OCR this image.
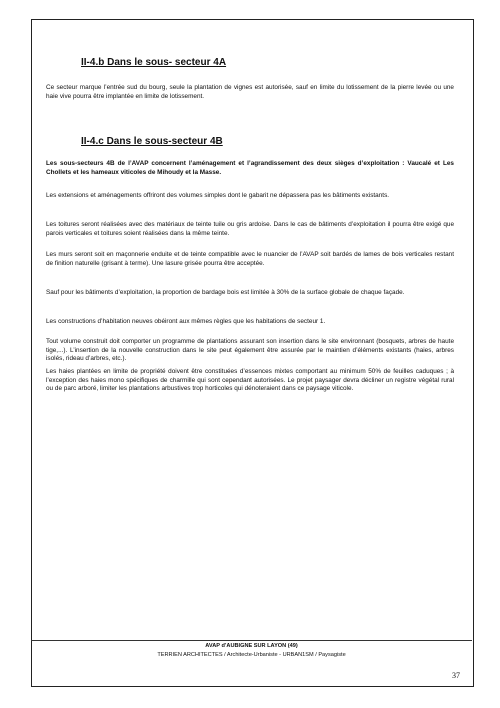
II-4.b Dans le sous- secteur 4A

Ce secteur marque l’entrée sud du bourg, seule la plantation de vignes est autorisée, sauf en limite du lotissement de la pierre levée ou une haie vive pourra être implantée en limite de lotissement.

II-4.c Dans le sous-secteur 4B

Les sous-secteurs 4B de l’AVAP concernent l’aménagement et l’agrandissement des deux sièges d’exploitation : Vaucalé et Les Chollets et les hameaux viticoles de Mihoudy et la Masse.

Les extensions et aménagements offriront des volumes simples dont le gabarit ne dépassera pas les bâtiments existants.

Les toitures seront réalisées avec des matériaux de teinte tuile ou gris ardoise. Dans le cas de bâtiments d’exploitation il pourra être exigé que parois verticales et toitures soient réalisées dans la même teinte.

Les murs seront soit en maçonnerie enduite et de teinte compatible avec le nuancier de l’AVAP soit bardés de lames de bois verticales restant de finition naturelle (grisant à terme). Une lasure grisée pourra être acceptée.

Sauf pour les bâtiments d’exploitation, la proportion de bardage bois est limitée à 30% de la surface globale de chaque façade.

Les constructions d’habitation neuves obéiront aux mêmes règles que les habitations de secteur 1.

Tout volume construit doit comporter un programme de plantations assurant son insertion dans le site environnant (bosquets, arbres de haute tige,...). L’insertion de la nouvelle construction dans le site peut également être assurée par le maintien d’éléments existants (haies, arbres isolés, rideau d’arbres, etc.).

Les haies plantées en limite de propriété doivent être constituées d’essences mixtes comportant au minimum 50% de feuilles caduques ; à l’exception des haies mono spécifiques de charmille qui sont cependant autorisées. Le projet paysager devra décliner un registre végétal rural ou de parc arboré, limiter les plantations arbustives trop horticoles qui dénoteraient dans ce paysage viticole.

AVAP d’AUBIGNE SUR LAYON (49)
TERRIEN ARCHITECTES / Architecte-Urbaniste - URBAN1SM / Paysagiste
37
